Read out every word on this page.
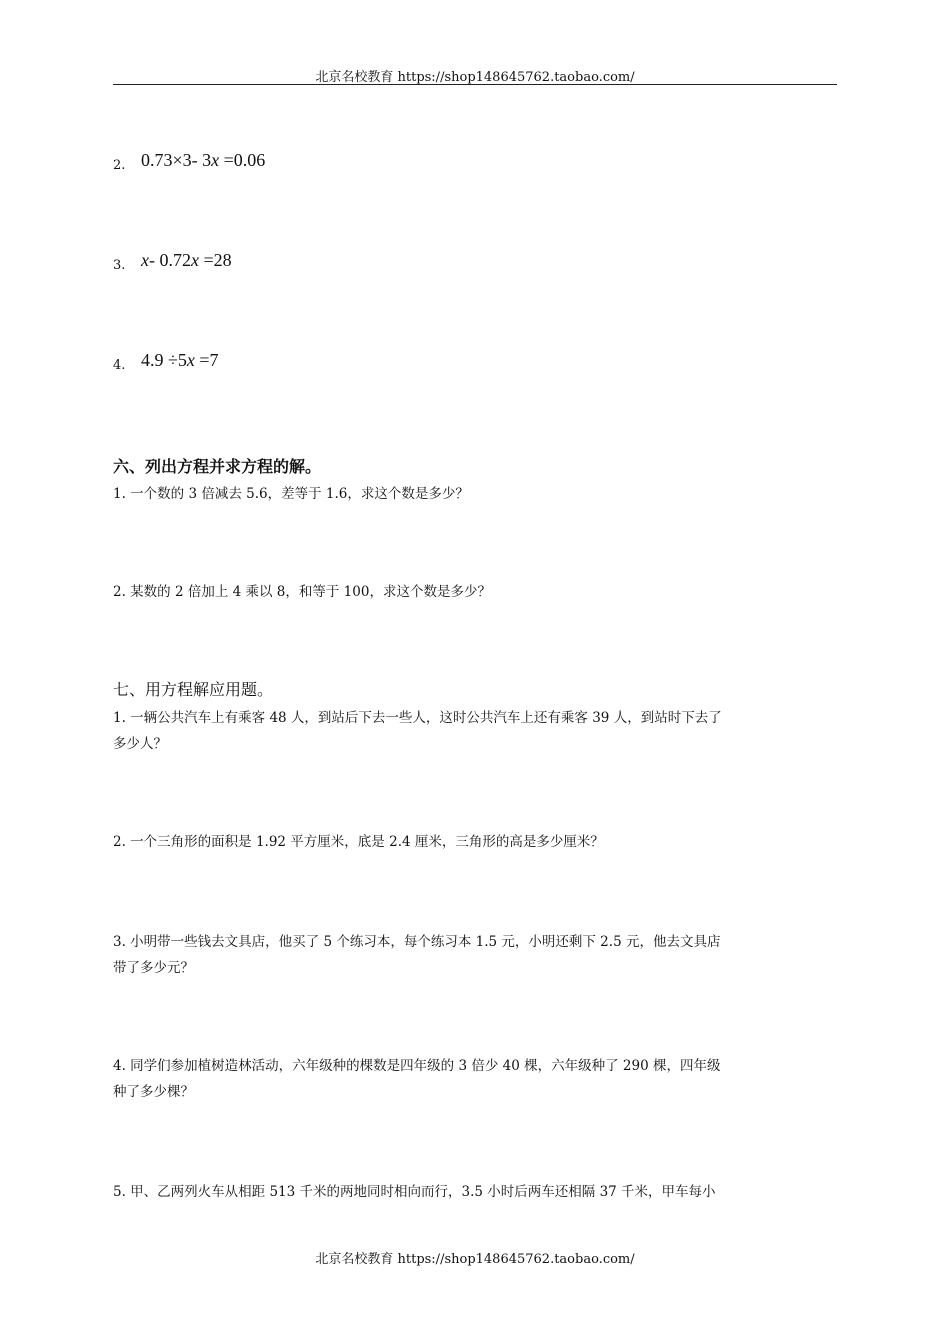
北京名校教育 https://shop148645762.taobao.com/
2. 0.73×3‐ 3x =0.06
3. x‐ 0.72x =28
4. 4.9 ÷5x =7
六、列出方程并求方程的解。
1. 一个数的 3 倍减去 5.6，差等于 1.6，求这个数是多少？
2. 某数的 2 倍加上 4 乘以 8，和等于 100，求这个数是多少？
七、用方程解应用题。
1. 一辆公共汽车上有乘客 48 人，到站后下去一些人，这时公共汽车上还有乘客 39 人，到站时下去了
多少人？
2. 一个三角形的面积是 1.92 平方厘米，底是 2.4 厘米，三角形的高是多少厘米？
3. 小明带一些钱去文具店，他买了 5 个练习本，每个练习本 1.5 元，小明还剩下 2.5 元，他去文具店
带了多少元？
4. 同学们参加植树造林活动，六年级种的棵数是四年级的 3 倍少 40 棵，六年级种了 290 棵，四年级
种了多少棵？
5. 甲、乙两列火车从相距 513 千米的两地同时相向而行，3.5 小时后两车还相隔 37 千米，甲车每小
北京名校教育 https://shop148645762.taobao.com/
